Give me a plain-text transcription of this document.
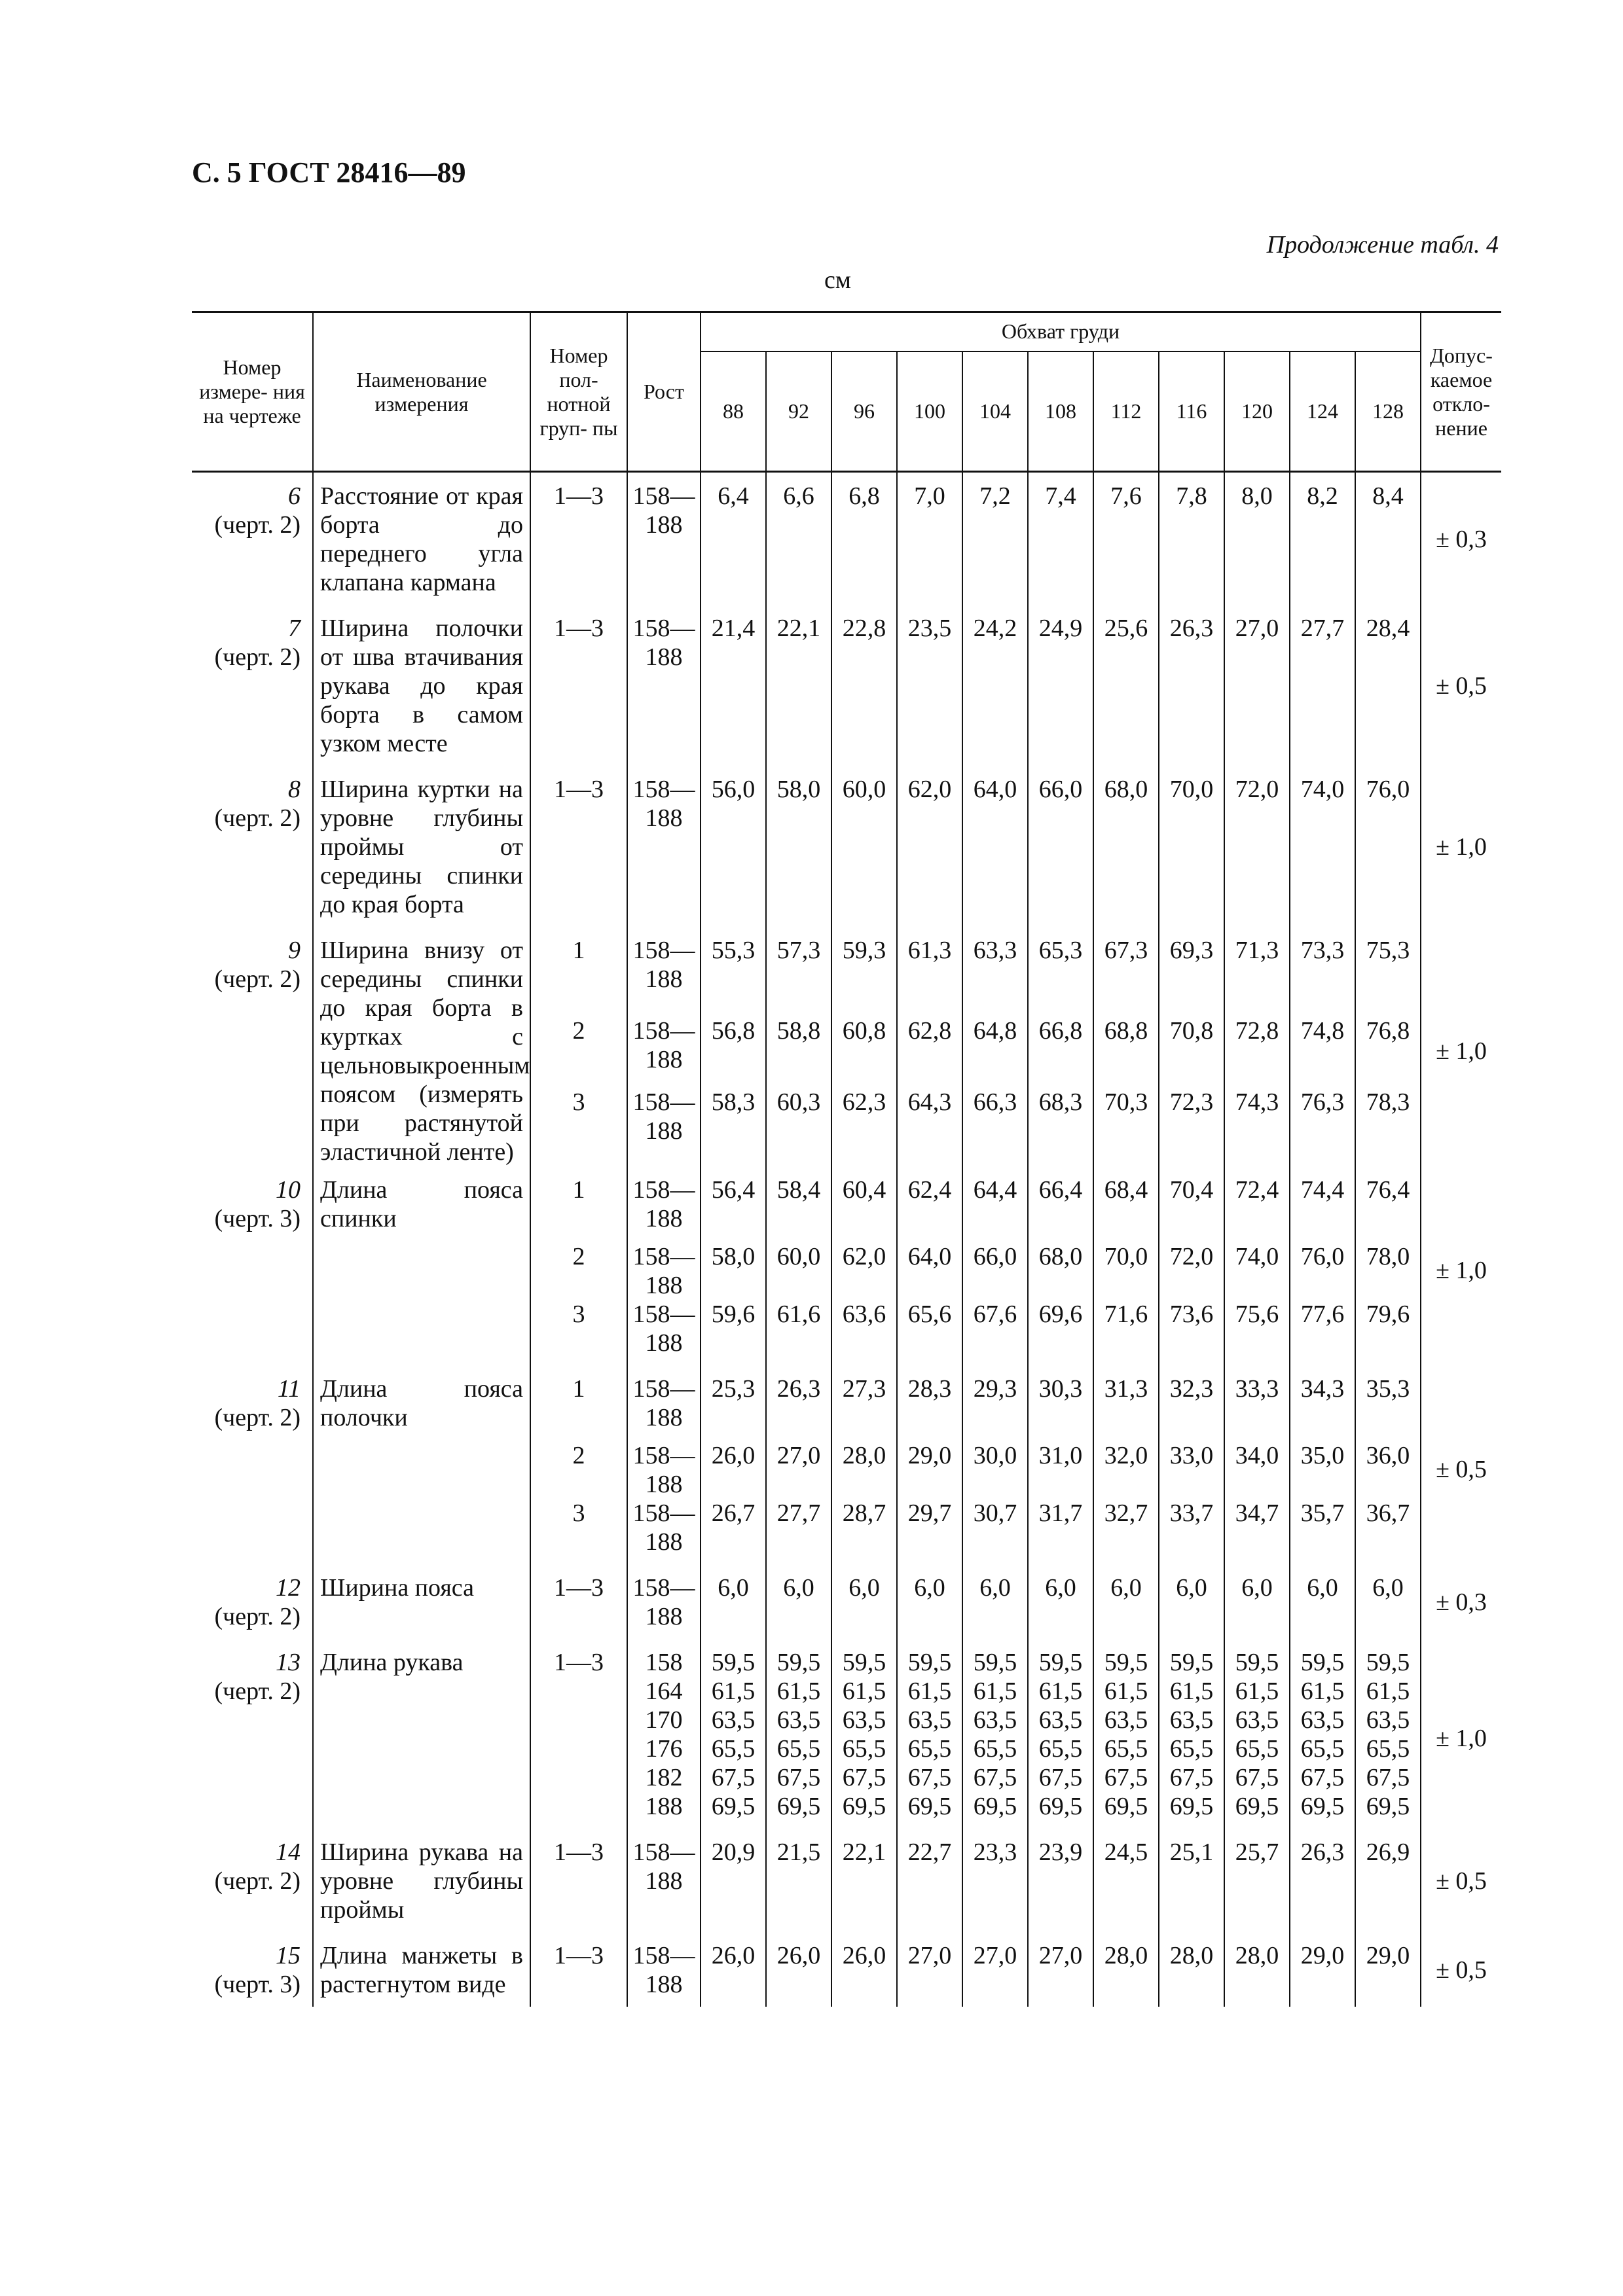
С. 5 ГОСТ 28416—89
Продолжение табл. 4
см
Номер измере- ния на чертеже	Наименование измерения	Номер пол- нотной груп- пы	Рост	Обхват груди											Допус- каемое откло- нение
				88	92	96	100	104	108	112	116	120	124	128	

6
(черт. 2)	Расстояние от края борта до переднего угла клапана кармана	1—3	158— 188	6,4	6,6	6,8	7,0	7,2	7,4	7,6	7,8	8,0	8,2	8,4	± 0,3

7
(черт. 2)	Ширина полочки от шва втачивания рукава до края борта в самом узком месте	1—3	158— 188	21,4	22,1	22,8	23,5	24,2	24,9	25,6	26,3	27,0	27,7	28,4	± 0,5

8
(черт. 2)	Ширина куртки на уровне глубины проймы от середины спинки до края борта	1—3	158— 188	56,0	58,0	60,0	62,0	64,0	66,0	68,0	70,0	72,0	74,0	76,0	± 1,0

9
(черт. 2)	Ширина внизу от середины спинки до края борта в куртках с цельновыкроенным поясом (измерять при растянутой эластичной ленте)	1	158— 188	55,3	57,3	59,3	61,3	63,3	65,3	67,3	69,3	71,3	73,3	75,3	± 1,0
		2	158— 188	56,8	58,8	60,8	62,8	64,8	66,8	68,8	70,8	72,8	74,8	76,8	
		3	158— 188	58,3	60,3	62,3	64,3	66,3	68,3	70,3	72,3	74,3	76,3	78,3	

10
(черт. 3)	Длина пояса спинки	1	158— 188	56,4	58,4	60,4	62,4	64,4	66,4	68,4	70,4	72,4	74,4	76,4	± 1,0
		2	158— 188	58,0	60,0	62,0	64,0	66,0	68,0	70,0	72,0	74,0	76,0	78,0	
		3	158— 188	59,6	61,6	63,6	65,6	67,6	69,6	71,6	73,6	75,6	77,6	79,6	

11
(черт. 2)	Длина пояса полочки	1	158— 188	25,3	26,3	27,3	28,3	29,3	30,3	31,3	32,3	33,3	34,3	35,3	± 0,5
		2	158— 188	26,0	27,0	28,0	29,0	30,0	31,0	32,0	33,0	34,0	35,0	36,0	
		3	158— 188	26,7	27,7	28,7	29,7	30,7	31,7	32,7	33,7	34,7	35,7	36,7	

12
(черт. 2)	Ширина пояса	1—3	158— 188	6,0	6,0	6,0	6,0	6,0	6,0	6,0	6,0	6,0	6,0	6,0	± 0,3

13
(черт. 2)	Длина рукава	1—3	158	59,5	59,5	59,5	59,5	59,5	59,5	59,5	59,5	59,5	59,5	59,5	± 1,0
			164	61,5	61,5	61,5	61,5	61,5	61,5	61,5	61,5	61,5	61,5	61,5	
			170	63,5	63,5	63,5	63,5	63,5	63,5	63,5	63,5	63,5	63,5	63,5	
			176	65,5	65,5	65,5	65,5	65,5	65,5	65,5	65,5	65,5	65,5	65,5	
			182	67,5	67,5	67,5	67,5	67,5	67,5	67,5	67,5	67,5	67,5	67,5	
			188	69,5	69,5	69,5	69,5	69,5	69,5	69,5	69,5	69,5	69,5	69,5	

14
(черт. 2)	Ширина рукава на уровне глубины проймы	1—3	158— 188	20,9	21,5	22,1	22,7	23,3	23,9	24,5	25,1	25,7	26,3	26,9	± 0,5

15
(черт. 3)	Длина манжеты в растегнутом виде	1—3	158— 188	26,0	26,0	26,0	27,0	27,0	27,0	28,0	28,0	28,0	29,0	29,0	± 0,5
